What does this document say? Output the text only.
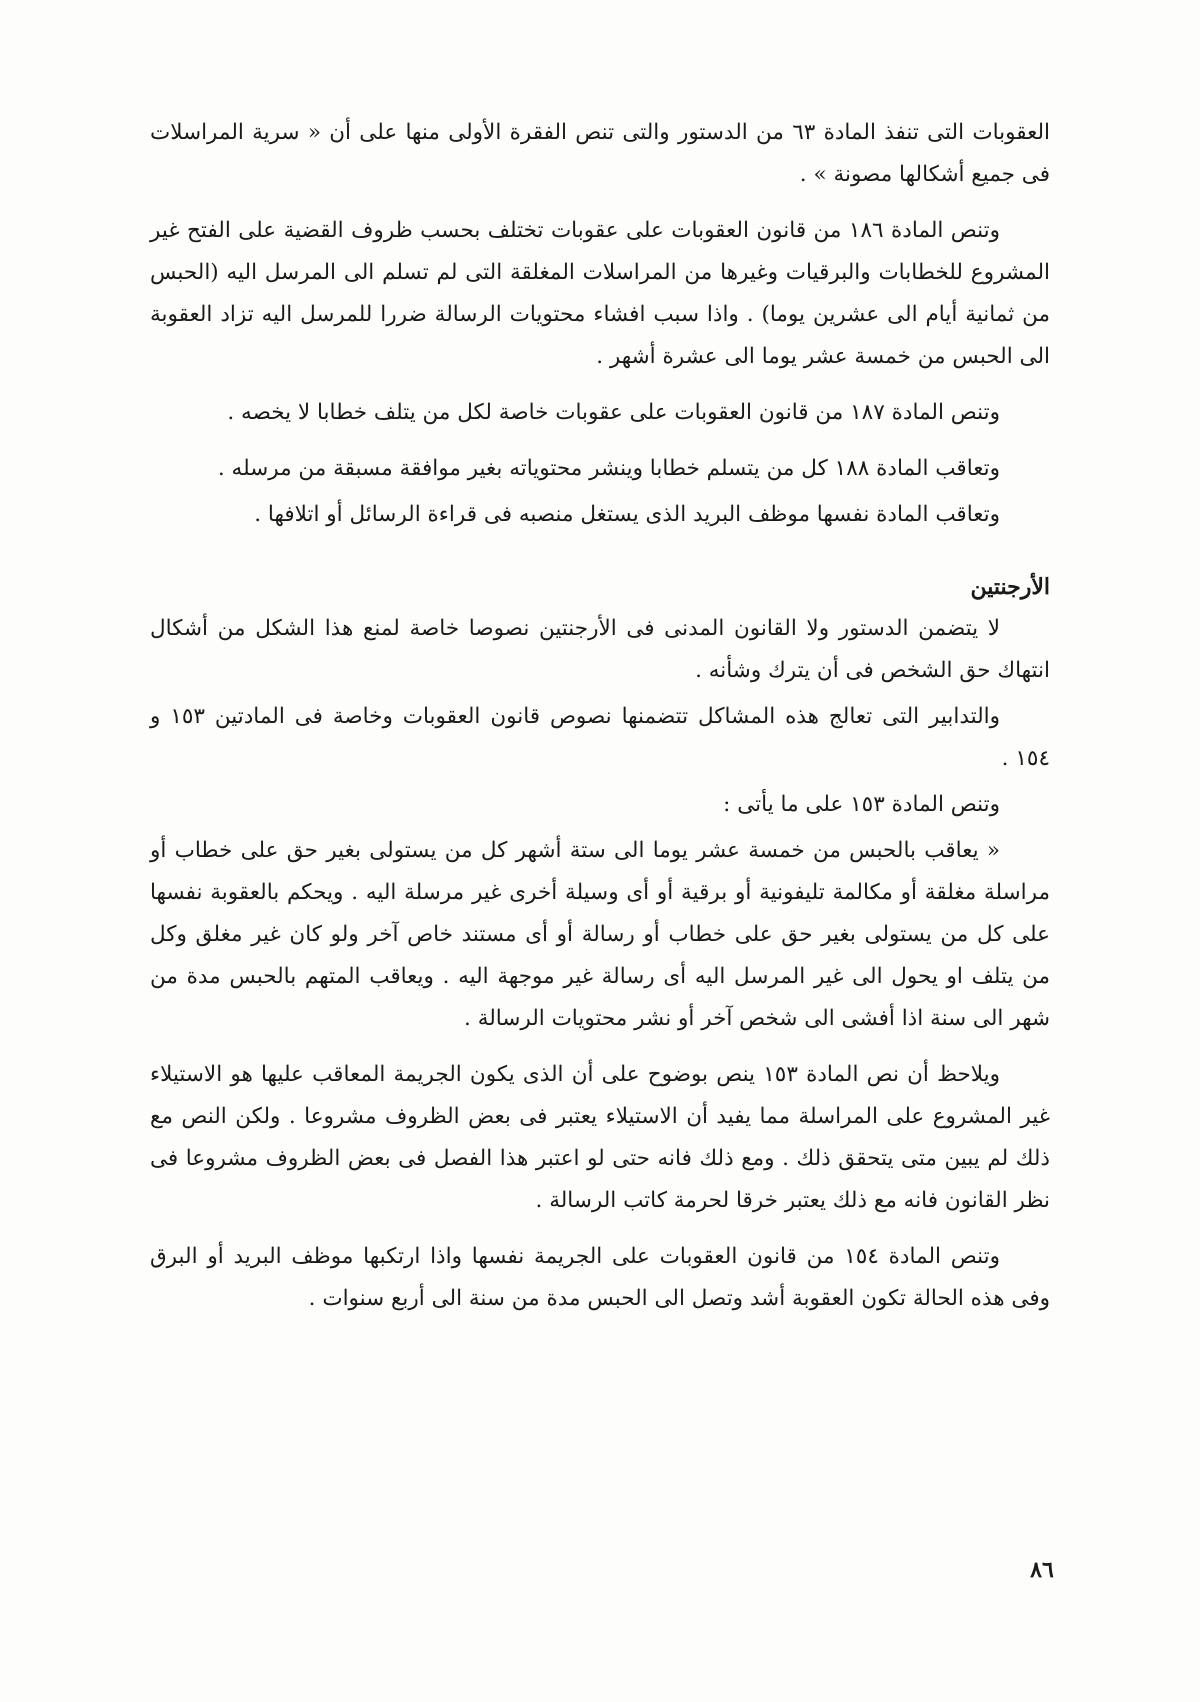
العقوبات التى تنفذ المادة ٦٣ من الدستور والتى تنص الفقرة الأولى منها على أن « سرية المراسلات فى جميع أشكالها مصونة » .

وتنص المادة ١٨٦ من قانون العقوبات على عقوبات تختلف بحسب ظروف القضية على الفتح غير المشروع للخطابات والبرقيات وغيرها من المراسلات المغلقة التى لم تسلم الى المرسل اليه (الحبس من ثمانية أيام الى عشرين يوما) . واذا سبب افشاء محتويات الرسالة ضررا للمرسل اليه تزاد العقوبة الى الحبس من خمسة عشر يوما الى عشرة أشهر .

وتنص المادة ١٨٧ من قانون العقوبات على عقوبات خاصة لكل من يتلف خطابا لا يخصه .

وتعاقب المادة ١٨٨ كل من يتسلم خطابا وينشر محتوياته بغير موافقة مسبقة من مرسله .

وتعاقب المادة نفسها موظف البريد الذى يستغل منصبه فى قراءة الرسائل أو اتلافها .

الأرجنتين

لا يتضمن الدستور ولا القانون المدنى فى الأرجنتين نصوصا خاصة لمنع هذا الشكل من أشكال انتهاك حق الشخص فى أن يترك وشأنه .

والتدابير التى تعالج هذه المشاكل تتضمنها نصوص قانون العقوبات وخاصة فى المادتين ١٥٣ و ١٥٤ .

وتنص المادة ١٥٣ على ما يأتى :

« يعاقب بالحبس من خمسة عشر يوما الى ستة أشهر كل من يستولى بغير حق على خطاب أو مراسلة مغلقة أو مكالمة تليفونية أو برقية أو أى وسيلة أخرى غير مرسلة اليه . ويحكم بالعقوبة نفسها على كل من يستولى بغير حق على خطاب أو رسالة أو أى مستند خاص آخر ولو كان غير مغلق وكل من يتلف او يحول الى غير المرسل اليه أى رسالة غير موجهة اليه . ويعاقب المتهم بالحبس مدة من شهر الى سنة اذا أفشى الى شخص آخر أو نشر محتويات الرسالة .

ويلاحظ أن نص المادة ١٥٣ ينص بوضوح على أن الذى يكون الجريمة المعاقب عليها هو الاستيلاء غير المشروع على المراسلة مما يفيد أن الاستيلاء يعتبر فى بعض الظروف مشروعا . ولكن النص مع ذلك لم يبين متى يتحقق ذلك . ومع ذلك فانه حتى لو اعتبر هذا الفصل فى بعض الظروف مشروعا فى نظر القانون فانه مع ذلك يعتبر خرقا لحرمة كاتب الرسالة .

وتنص المادة ١٥٤ من قانون العقوبات على الجريمة نفسها واذا ارتكبها موظف البريد أو البرق وفى هذه الحالة تكون العقوبة أشد وتصل الى الحبس مدة من سنة الى أربع سنوات .

٨٦
